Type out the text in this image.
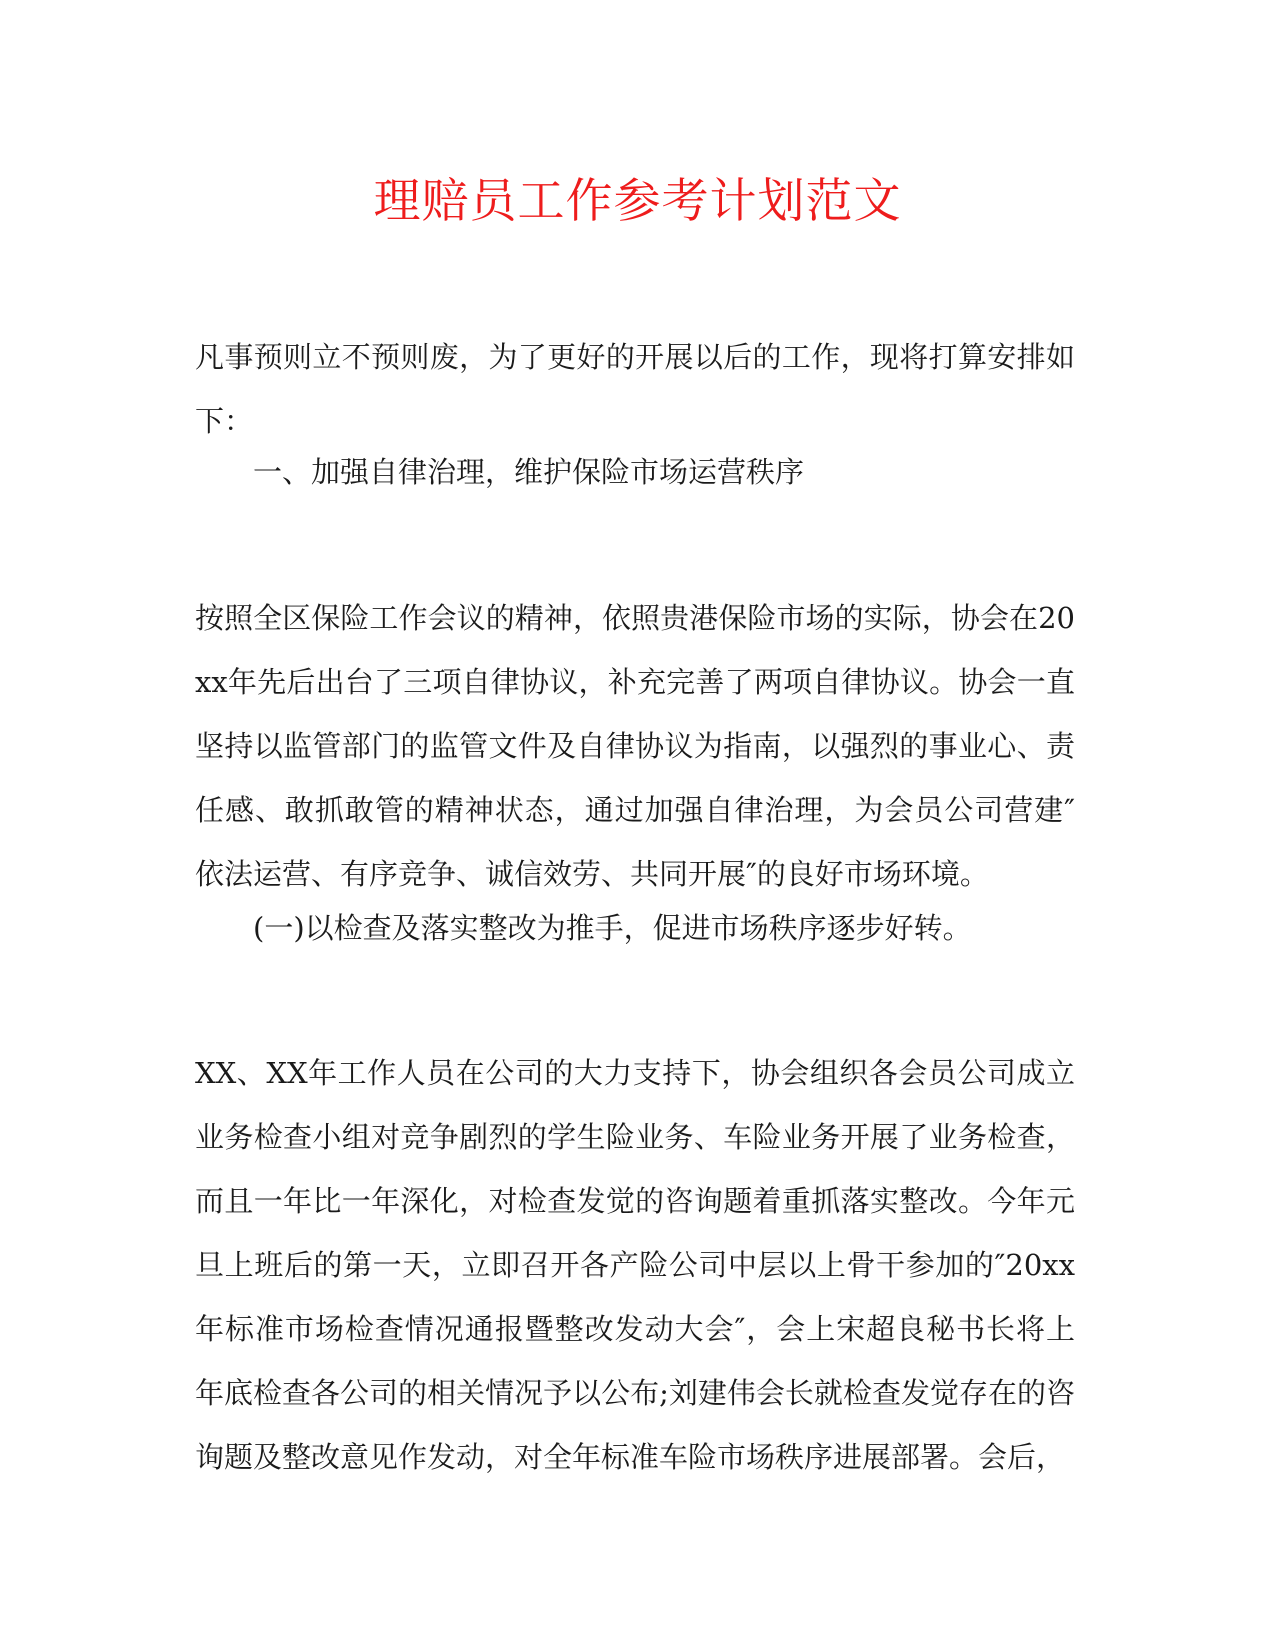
理赔员工作参考计划范文

凡事预则立不预则废，为了更好的开展以后的工作，现将打算安排如下：

一、加强自律治理，维护保险市场运营秩序

按照全区保险工作会议的精神，依照贵港保险市场的实际，协会在20xx年先后出台了三项自律协议，补充完善了两项自律协议。协会一直坚持以监管部门的监管文件及自律协议为指南，以强烈的事业心、责任感、敢抓敢管的精神状态，通过加强自律治理，为会员公司营建″依法运营、有序竞争、诚信效劳、共同开展″的良好市场环境。

(一)以检查及落实整改为推手，促进市场秩序逐步好转。

XX、XX年工作人员在公司的大力支持下，协会组织各会员公司成立业务检查小组对竞争剧烈的学生险业务、车险业务开展了业务检查，而且一年比一年深化，对检查发觉的咨询题着重抓落实整改。今年元旦上班后的第一天，立即召开各产险公司中层以上骨干参加的″20xx年标准市场检查情况通报暨整改发动大会″，会上宋超良秘书长将上年底检查各公司的相关情况予以公布;刘建伟会长就检查发觉存在的咨询题及整改意见作发动，对全年标准车险市场秩序进展部署。会后，
